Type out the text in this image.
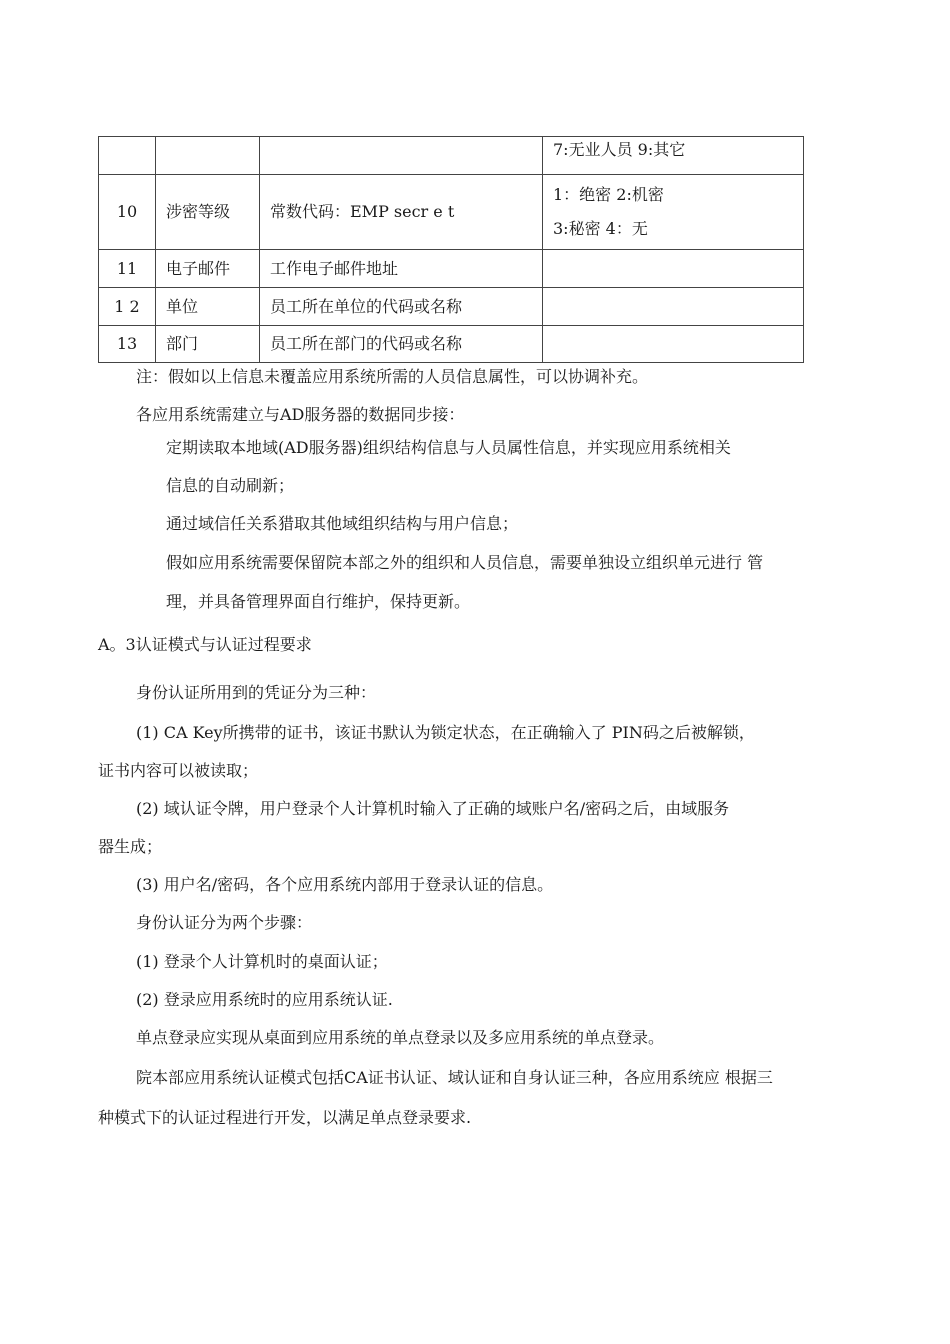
			7:无业人员 9:其它

10	涉密等级	常数代码：EMP secr e t	1：绝密 2:机密
3:秘密 4：无

11	电子邮件	工作电子邮件地址	
1 2	单位	员工所在单位的代码或名称	
13	部门	员工所在部门的代码或名称	
注：假如以上信息未覆盖应用系统所需的人员信息属性，可以协调补充。
各应用系统需建立与AD服务器的数据同步接：
定期读取本地域(AD服务器)组织结构信息与人员属性信息，并实现应用系统相关
信息的自动刷新；
通过域信任关系猎取其他域组织结构与用户信息；
假如应用系统需要保留院本部之外的组织和人员信息，需要单独设立组织单元进行 管
理，并具备管理界面自行维护，保持更新。
A。3认证模式与认证过程要求
身份认证所用到的凭证分为三种：
(1) CA Key所携带的证书，该证书默认为锁定状态，在正确输入了 PIN码之后被解锁，
证书内容可以被读取；
(2) 域认证令牌，用户登录个人计算机时输入了正确的域账户名/密码之后，由域服务
器生成；
(3) 用户名/密码，各个应用系统内部用于登录认证的信息。
身份认证分为两个步骤：
(1) 登录个人计算机时的桌面认证；
(2) 登录应用系统时的应用系统认证.
单点登录应实现从桌面到应用系统的单点登录以及多应用系统的单点登录。
院本部应用系统认证模式包括CA证书认证、域认证和自身认证三种，各应用系统应 根据三
种模式下的认证过程进行开发，以满足单点登录要求.
